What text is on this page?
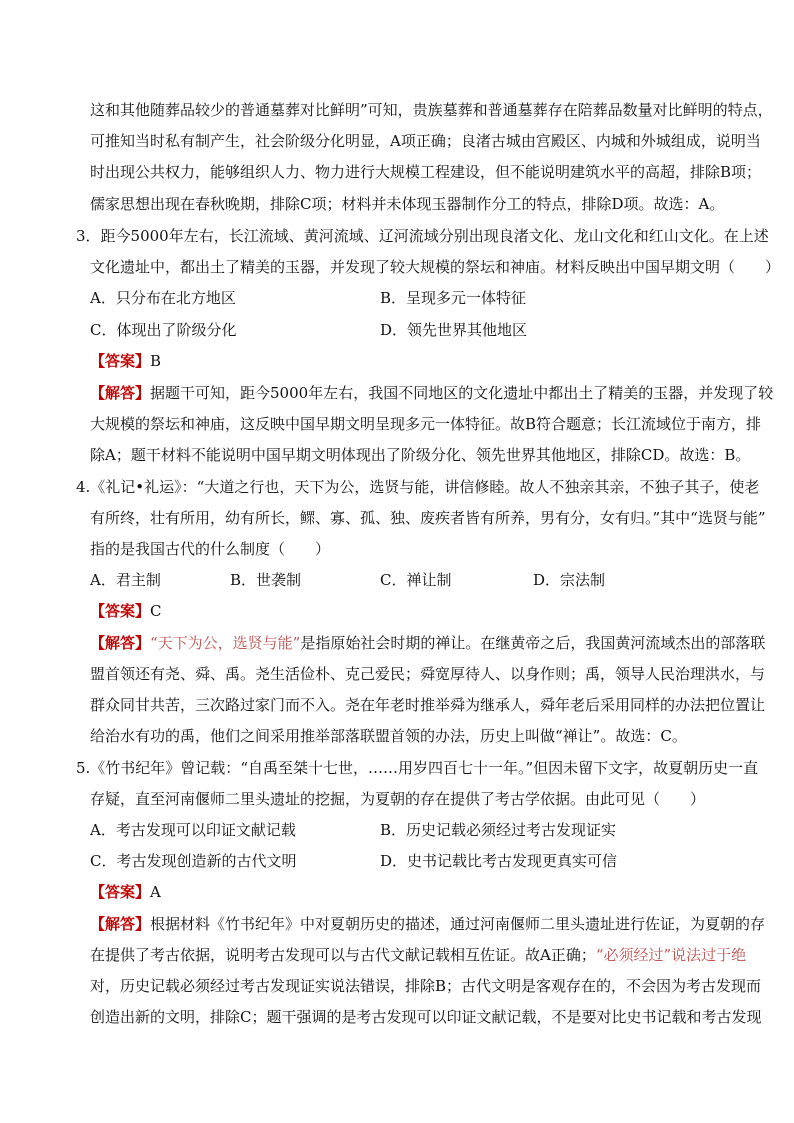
这和其他随葬品较少的普通墓葬对比鲜明”可知，贵族墓葬和普通墓葬存在陪葬品数量对比鲜明的特点，
可推知当时私有制产生，社会阶级分化明显，A项正确；良渚古城由宫殿区、内城和外城组成，说明当
时出现公共权力，能够组织人力、物力进行大规模工程建设，但不能说明建筑水平的高超，排除B项；
儒家思想出现在春秋晚期，排除C项；材料并未体现玉器制作分工的特点，排除D项。故选：A。
3．距今5000年左右，长江流域、黄河流域、辽河流域分别出现良渚文化、龙山文化和红山文化。在上述
文化遗址中，都出土了精美的玉器，并发现了较大规模的祭坛和神庙。材料反映出中国早期文明（　　）
A．只分布在北方地区	B．呈现多元一体特征
C．体现出了阶级分化	D．领先世界其他地区
【答案】B
【解答】据题干可知，距今5000年左右，我国不同地区的文化遗址中都出土了精美的玉器，并发现了较
大规模的祭坛和神庙，这反映中国早期文明呈现多元一体特征。故B符合题意；长江流域位于南方，排
除A；题干材料不能说明中国早期文明体现出了阶级分化、领先世界其他地区，排除CD。故选：B。
4.《礼记•礼运》：“大道之行也，天下为公，选贤与能，讲信修睦。故人不独亲其亲，不独子其子，使老
有所终，壮有所用，幼有所长，鳏、寡、孤、独、废疾者皆有所养，男有分，女有归。”其中“选贤与能”
指的是我国古代的什么制度（　　）
A．君主制	B．世袭制	C．禅让制	D．宗法制
【答案】C
【解答】“天下为公，选贤与能”是指原始社会时期的禅让。在继黄帝之后，我国黄河流域杰出的部落联
盟首领还有尧、舜、禹。尧生活俭朴、克己爱民；舜宽厚待人、以身作则；禹，领导人民治理洪水，与
群众同甘共苦，三次路过家门而不入。尧在年老时推举舜为继承人，舜年老后采用同样的办法把位置让
给治水有功的禹，他们之间采用推举部落联盟首领的办法，历史上叫做“禅让”。故选：C。
5.《竹书纪年》曾记载：“自禹至桀十七世，……用岁四百七十一年。”但因未留下文字，故夏朝历史一直
存疑，直至河南偃师二里头遗址的挖掘，为夏朝的存在提供了考古学依据。由此可见（　　）
A．考古发现可以印证文献记载	B．历史记载必须经过考古发现证实
C．考古发现创造新的古代文明	D．史书记载比考古发现更真实可信
【答案】A
【解答】根据材料《竹书纪年》中对夏朝历史的描述，通过河南偃师二里头遗址进行佐证，为夏朝的存
在提供了考古依据，说明考古发现可以与古代文献记载相互佐证。故A正确；“必须经过”说法过于绝
对，历史记载必须经过考古发现证实说法错误，排除B；古代文明是客观存在的，不会因为考古发现而
创造出新的文明，排除C；题干强调的是考古发现可以印证文献记载，不是要对比史书记载和考古发现
